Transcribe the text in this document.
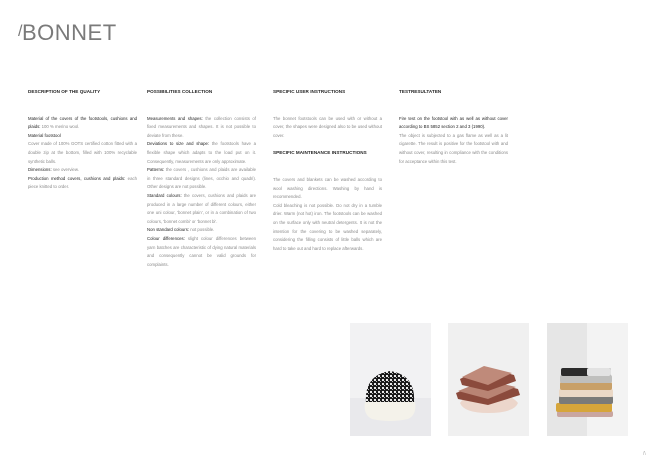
/BONNET
DESCRIPTION OF THE QUALITY

Material of the covers of the footstools, cushions and plaids: 100 % merino wool.

Material footstool

Cover made of 100% GOTS certified cotton fitted with a double zip at the bottom, filled with 100% recyclable synthetic balls.

Dimensions: see overview.

Production method covers, cushions and plaids: each piece knitted to order.

POSSIBILITIES COLLECTION

Measurements and shapes: the collection consists of fixed measurements and shapes. It is not possible to deviate from these.

Deviations to size and shape: the footstools have a flexible shape which adapts to the load put on it. Consequently, measurements are only approximate.

Patterns: the covers , cushions and plaids are available in three standard designs (lines, occhio and quadri). Other designs are not possible.

Standard colours: the covers, cushions and plaids are produced in a large number of different colours, either one uni colour, 'bonnet plain', or in a combination of two colours, 'bonnet combi' or 'bonnet bi'.

Non standard colours: not possible.

Colour differences: slight colour differences between yarn batches are characteristic of dying natural materials and consequently cannot be valid grounds for complaints.

SPECIFIC USER INSTRUCTIONS

The bonnet footstools can be used with or without a cover, the shapes were designed also to be used without cover.

SPECIFIC MAINTENANCE INSTRUCTIONS

The covers and blankets can be washed according to wool washing directions. Washing by hand is recommended.

Cold bleaching is not possible. Do not dry in a tumble drier. Warm (not hot) iron. The footstools can be washed on the surface only with neutral detergents. It is not the intention for the covering to be washed separately, considering the filling consists of little balls which are hard to take out and hard to replace afterwards.

TESTRESULTATEN

Fire test on the footstool with as well as without cover according to BS 5852 section 2 and 3 (1990).

The object is subjected to a gas flame as well as a lit cigarette. The result is positive for the footstool with and without cover, resulting in compliance with the conditions for acceptance within this test.

/\
